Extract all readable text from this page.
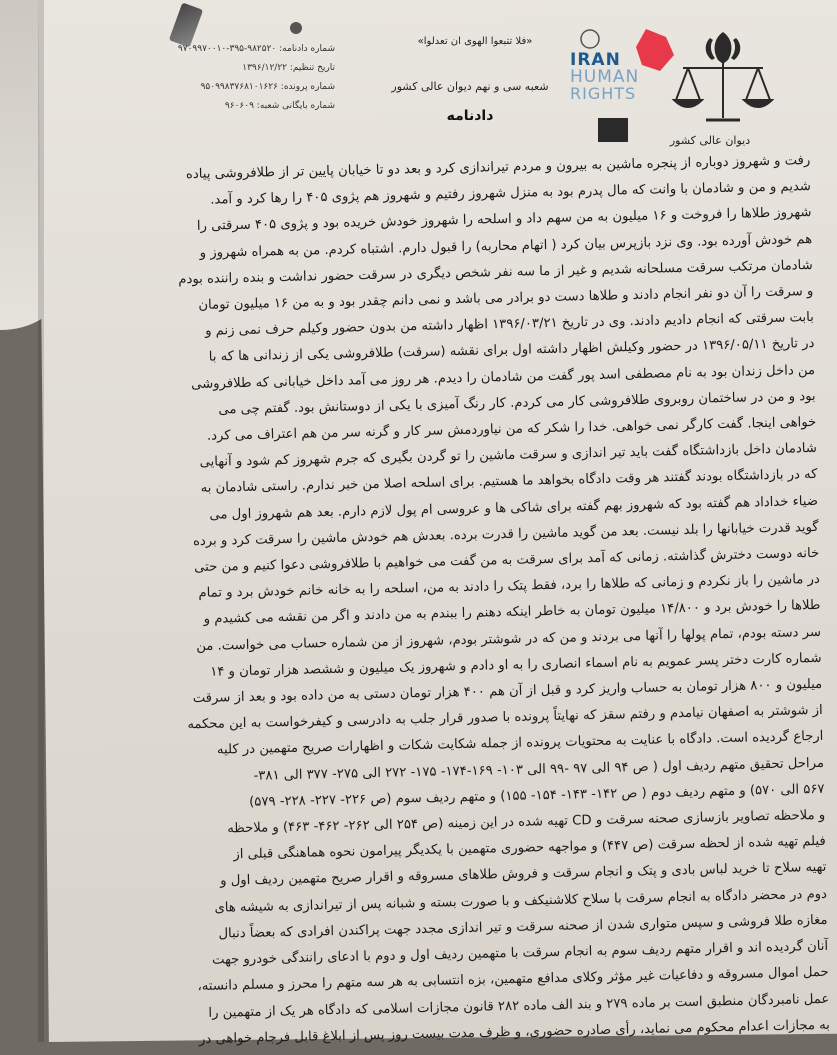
دیوان عالی کشور
IRAN
HUMAN
RIGHTS
«فلا تتبعوا الهوی ان تعدلوا»
شعبه سی و نهم دیوان عالی کشور
دادنامه
شماره دادنامه: ۹۸۲۵۲۰-۳۹۵-۹۷۰۹۹۷۰۰۱۰
تاریخ تنظیم: ۱۳۹۶/۱۲/۲۲
شماره پرونده: ۹۵۰۹۹۸۳۷۶۸۱۰۱۶۲۶
شماره بایگانی شعبه: ۹۶۰۶۰۹

رفت و شهروز دوباره از پنجره ماشین به بیرون و مردم تیراندازی کرد و بعد دو تا خیابان پایین تر از طلافروشی پیاده

شدیم و من و شادمان با وانت که مال پدرم بود به منزل شهروز رفتیم و شهروز هم پژوی ۴۰۵ را رها کرد و آمد.

شهروز طلاها را فروخت و ۱۶ میلیون به من سهم داد و اسلحه را شهروز خودش خریده بود و پژوی ۴۰۵ سرقتی را

هم خودش آورده بود. وی نزد بازپرس بیان کرد ( اتهام محاربه) را قبول دارم. اشتباه کردم. من به همراه شهروز و

شادمان مرتکب سرقت مسلحانه شدیم و غیر از ما سه نفر شخص دیگری در سرقت حضور نداشت و بنده راننده بودم

و سرقت را آن دو نفر انجام دادند و طلاها دست دو برادر می باشد و نمی دانم چقدر بود و به من ۱۶ میلیون تومان

بابت سرقتی که انجام دادیم دادند. وی در تاریخ ۱۳۹۶/۰۳/۲۱ اظهار داشته من بدون حضور وکیلم حرف نمی زنم و

در تاریخ ۱۳۹۶/۰۵/۱۱ در حضور وکیلش اظهار داشته اول برای نقشه (سرقت) طلافروشی یکی از زندانی ها که با

من داخل زندان بود به نام مصطفی اسد پور گفت من شادمان را دیدم. هر روز می آمد داخل خیابانی که طلافروشی

بود و من در ساختمان روبروی طلافروشی کار می کردم. کار رنگ آمیزی با یکی از دوستانش بود. گفتم چی می

خواهی اینجا. گفت کارگر نمی خواهی. خدا را شکر که من نیاوردمش سر کار و گرنه سر من هم اعتراف می کرد.

شادمان داخل بازداشتگاه گفت باید تیر اندازی و سرقت ماشین را تو گردن بگیری که جرم شهروز کم شود و آنهایی

که در بازداشتگاه بودند گفتند هر وقت دادگاه بخواهد ما هستیم. برای اسلحه اصلا من خبر ندارم. راستی شادمان به

ضیاء خداداد هم گفته بود که شهروز بهم گفته برای شاکی ها و عروسی ام پول لازم دارم. بعد هم شهروز اول می

گوید قدرت خیابانها را بلد نیست. بعد من گوید ماشین را قدرت برده. بعدش هم خودش ماشین را سرقت کرد و برده

خانه دوست دخترش گذاشته. زمانی که آمد برای سرقت به من گفت می خواهیم با طلافروشی دعوا کنیم و من حتی

در ماشین را باز نکردم و زمانی که طلاها را برد، فقط پتک را دادند به من، اسلحه را به خانه خانم خودش برد و تمام

طلاها را خودش برد و ۱۴/۸۰۰ میلیون تومان به خاطر اینکه دهنم را ببندم به من دادند و اگر من نقشه می کشیدم و

سر دسته بودم، تمام پولها را آنها می بردند و من که در شوشتر بودم، شهروز از من شماره حساب می خواست. من

شماره کارت دختر پسر عمویم به نام اسماء انصاری را به او دادم و شهروز یک میلیون و ششصد هزار تومان و ۱۴

میلیون و ۸۰۰ هزار تومان به حساب واریز کرد و قبل از آن هم ۴۰۰ هزار تومان دستی به من داده بود و بعد از سرقت

از شوشتر به اصفهان نیامدم و رفتم سقز که نهایتاً پرونده با صدور قرار جلب به دادرسی و کیفرخواست به این محکمه

ارجاع گردیده است. دادگاه با عنایت به محتویات پرونده از جمله شکایت شکات و اظهارات صریح متهمین در کلیه

مراحل تحقیق متهم ردیف اول ( ص ۹۴ الی ۹۷ -۹۹ الی ۱۰۳- ۱۶۹-۱۷۴- ۱۷۵- ۲۷۲ الی ۲۷۵- ۳۷۷ الی ۳۸۱-

۵۶۷ الی ۵۷۰) و متهم ردیف دوم ( ص ۱۴۲- ۱۴۳- ۱۵۴- ۱۵۵) و متهم ردیف سوم (ص ۲۲۶- ۲۲۷- ۲۲۸- ۵۷۹)

و ملاحظه تصاویر بازسازی صحنه سرقت و CD تهیه شده در این زمینه (ص ۲۵۴ الی ۲۶۲- ۴۶۲- ۴۶۳) و ملاحظه

فیلم تهیه شده از لحظه سرقت (ص ۴۴۷) و مواجهه حضوری متهمین با یکدیگر پیرامون نحوه هماهنگی قبلی از

تهیه سلاح تا خرید لباس بادی و پتک و انجام سرقت و فروش طلاهای مسروقه و اقرار صریح متهمین ردیف اول و

دوم در محضر دادگاه به انجام سرقت با سلاح کلاشنیکف و با صورت بسته و شبانه پس از تیراندازی به شیشه های

مغازه طلا فروشی و سپس متواری شدن از صحنه سرقت و تیر اندازی مجدد جهت پراکندن افرادی که بعضاً دنبال

آنان گردیده اند و اقرار متهم ردیف سوم به انجام سرقت با متهمین ردیف اول و دوم با ادعای رانندگی خودرو جهت

حمل اموال مسروقه و دفاعیات غیر مؤثر وکلای مدافع متهمین، بزه انتسابی به هر سه متهم را محرز و مسلم دانسته،

عمل نامبردگان منطبق است بر ماده ۲۷۹ و بند الف ماده ۲۸۲ قانون مجازات اسلامی که دادگاه هر یک از متهمین را

به مجازات اعدام محکوم می نماید، رأی صادره حضوری، و ظرف مدت بیست روز پس از ابلاغ قابل فرجام خواهی در
